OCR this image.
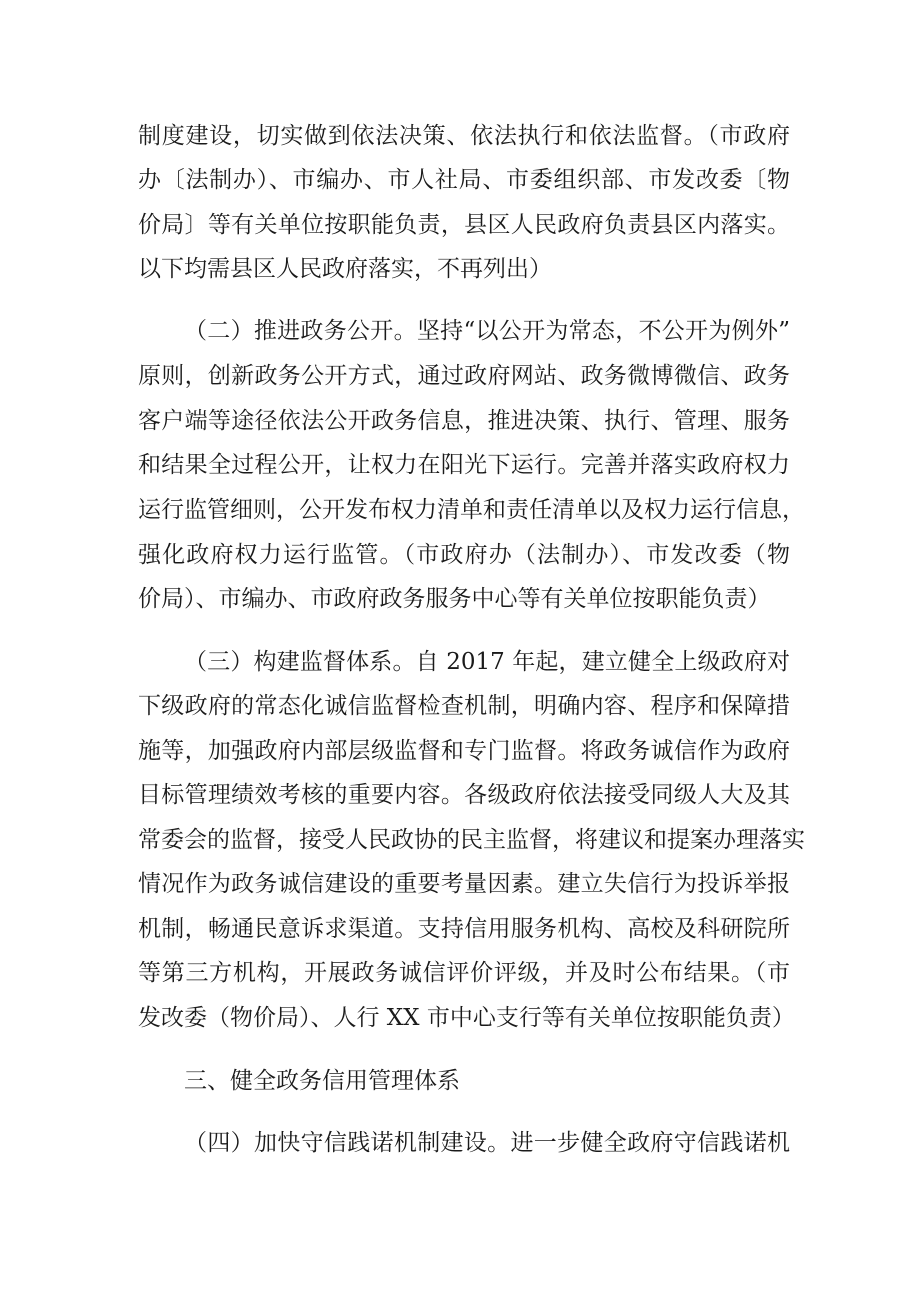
制度建设，切实做到依法决策、依法执行和依法监督。（市政府
办〔法制办）、市编办、市人社局、市委组织部、市发改委〔物
价局〕等有关单位按职能负责，县区人民政府负责县区内落实。
以下均需县区人民政府落实，不再列出）
（二）推进政务公开。坚持“以公开为常态，不公开为例外”
原则，创新政务公开方式，通过政府网站、政务微博微信、政务
客户端等途径依法公开政务信息，推进决策、执行、管理、服务
和结果全过程公开，让权力在阳光下运行。完善并落实政府权力
运行监管细则，公开发布权力清单和责任清单以及权力运行信息，
强化政府权力运行监管。（市政府办（法制办）、市发改委（物
价局）、市编办、市政府政务服务中心等有关单位按职能负责）
（三）构建监督体系。自 2017 年起，建立健全上级政府对
下级政府的常态化诚信监督检查机制，明确内容、程序和保障措
施等，加强政府内部层级监督和专门监督。将政务诚信作为政府
目标管理绩效考核的重要内容。各级政府依法接受同级人大及其
常委会的监督，接受人民政协的民主监督，将建议和提案办理落实
情况作为政务诚信建设的重要考量因素。建立失信行为投诉举报
机制，畅通民意诉求渠道。支持信用服务机构、高校及科研院所
等第三方机构，开展政务诚信评价评级，并及时公布结果。（市
发改委（物价局）、人行 XX 市中心支行等有关单位按职能负责）
三、健全政务信用管理体系
（四）加快守信践诺机制建设。进一步健全政府守信践诺机
